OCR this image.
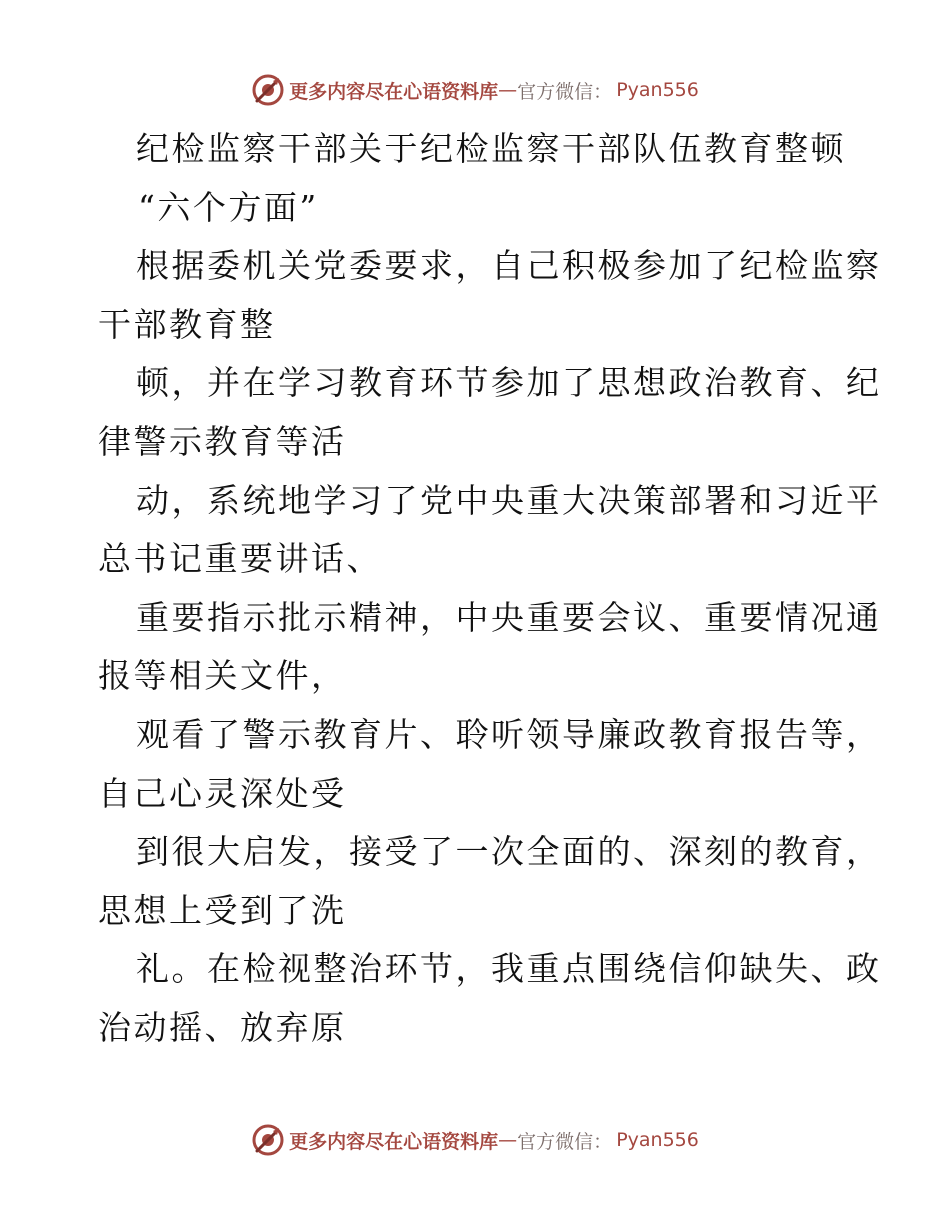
更多内容尽在心语资料库 — 官方微信： Pyan556
纪检监察干部关于纪检监察干部队伍教育整顿
“六个方面”
根据委机关党委要求，自己积极参加了纪检监察
干部教育整
顿，并在学习教育环节参加了思想政治教育、纪
律警示教育等活
动，系统地学习了党中央重大决策部署和习近平
总书记重要讲话、
重要指示批示精神，中央重要会议、重要情况通
报等相关文件，
观看了警示教育片、聆听领导廉政教育报告等，
自己心灵深处受
到很大启发，接受了一次全面的、深刻的教育，
思想上受到了洗
礼。在检视整治环节，我重点围绕信仰缺失、政
治动摇、放弃原
更多内容尽在心语资料库 — 官方微信： Pyan556
